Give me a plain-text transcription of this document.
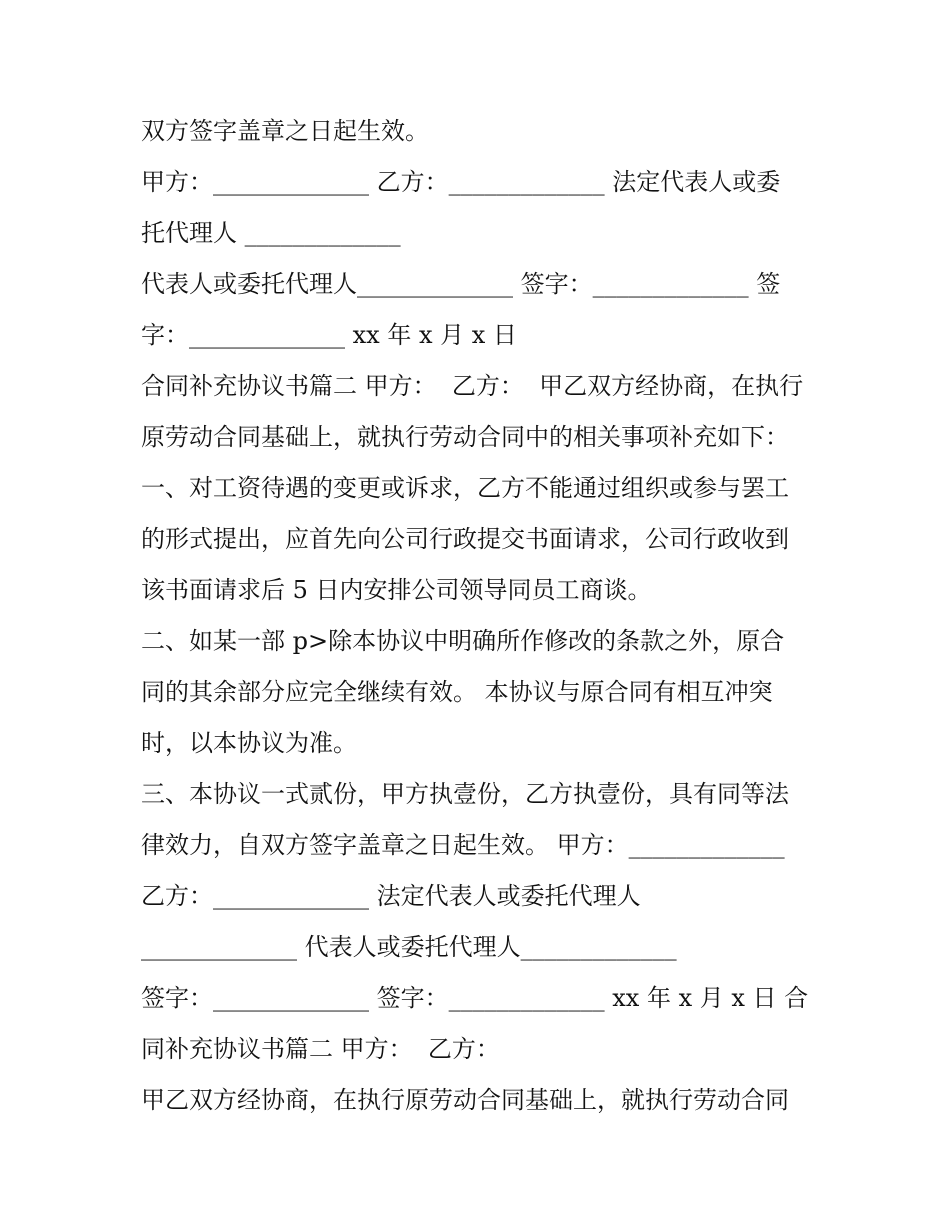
双方签字盖章之日起生效。
甲方：_____________ 乙方：_____________ 法定代表人或委
托代理人 _____________
代表人或委托代理人_____________ 签字：_____________ 签
字：_____________ xx 年 x 月 x 日
合同补充协议书篇二 甲方：  乙方：  甲乙双方经协商，在执行
原劳动合同基础上，就执行劳动合同中的相关事项补充如下：
一、对工资待遇的变更或诉求，乙方不能通过组织或参与罢工
的形式提出，应首先向公司行政提交书面请求，公司行政收到
该书面请求后 5 日内安排公司领导同员工商谈。
二、如某一部 p>除本协议中明确所作修改的条款之外，原合
同的其余部分应完全继续有效。 本协议与原合同有相互冲突
时，以本协议为准。
三、本协议一式贰份，甲方执壹份，乙方执壹份，具有同等法
律效力，自双方签字盖章之日起生效。 甲方：_____________
乙方：_____________ 法定代表人或委托代理人
_____________ 代表人或委托代理人_____________
签字：_____________ 签字：_____________ xx 年 x 月 x 日 合
同补充协议书篇二 甲方：  乙方：
甲乙双方经协商，在执行原劳动合同基础上，就执行劳动合同
